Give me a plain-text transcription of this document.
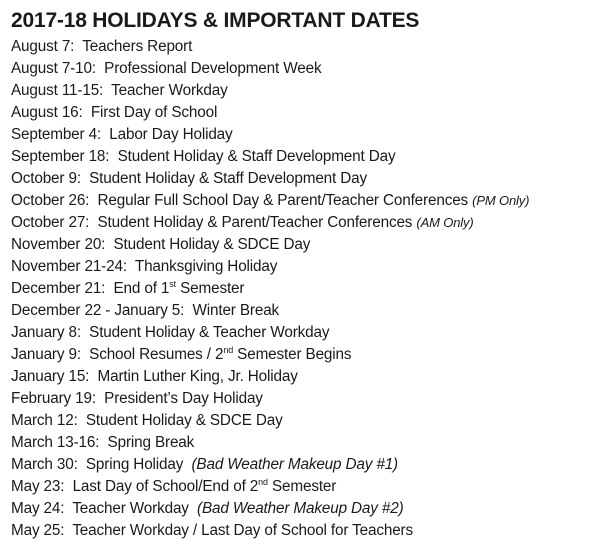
2017-18 HOLIDAYS & IMPORTANT DATES
August 7: Teachers Report
August 7-10: Professional Development Week
August 11-15: Teacher Workday
August 16: First Day of School
September 4: Labor Day Holiday
September 18: Student Holiday & Staff Development Day
October 9: Student Holiday & Staff Development Day
October 26: Regular Full School Day & Parent/Teacher Conferences (PM Only)
October 27: Student Holiday & Parent/Teacher Conferences (AM Only)
November 20: Student Holiday & SDCE Day
November 21-24: Thanksgiving Holiday
December 21: End of 1st Semester
December 22 - January 5: Winter Break
January 8: Student Holiday & Teacher Workday
January 9: School Resumes / 2nd Semester Begins
January 15: Martin Luther King, Jr. Holiday
February 19: President’s Day Holiday
March 12: Student Holiday & SDCE Day
March 13-16: Spring Break
March 30: Spring Holiday (Bad Weather Makeup Day #1)
May 23: Last Day of School/End of 2nd Semester
May 24: Teacher Workday (Bad Weather Makeup Day #2)
May 25: Teacher Workday / Last Day of School for Teachers
